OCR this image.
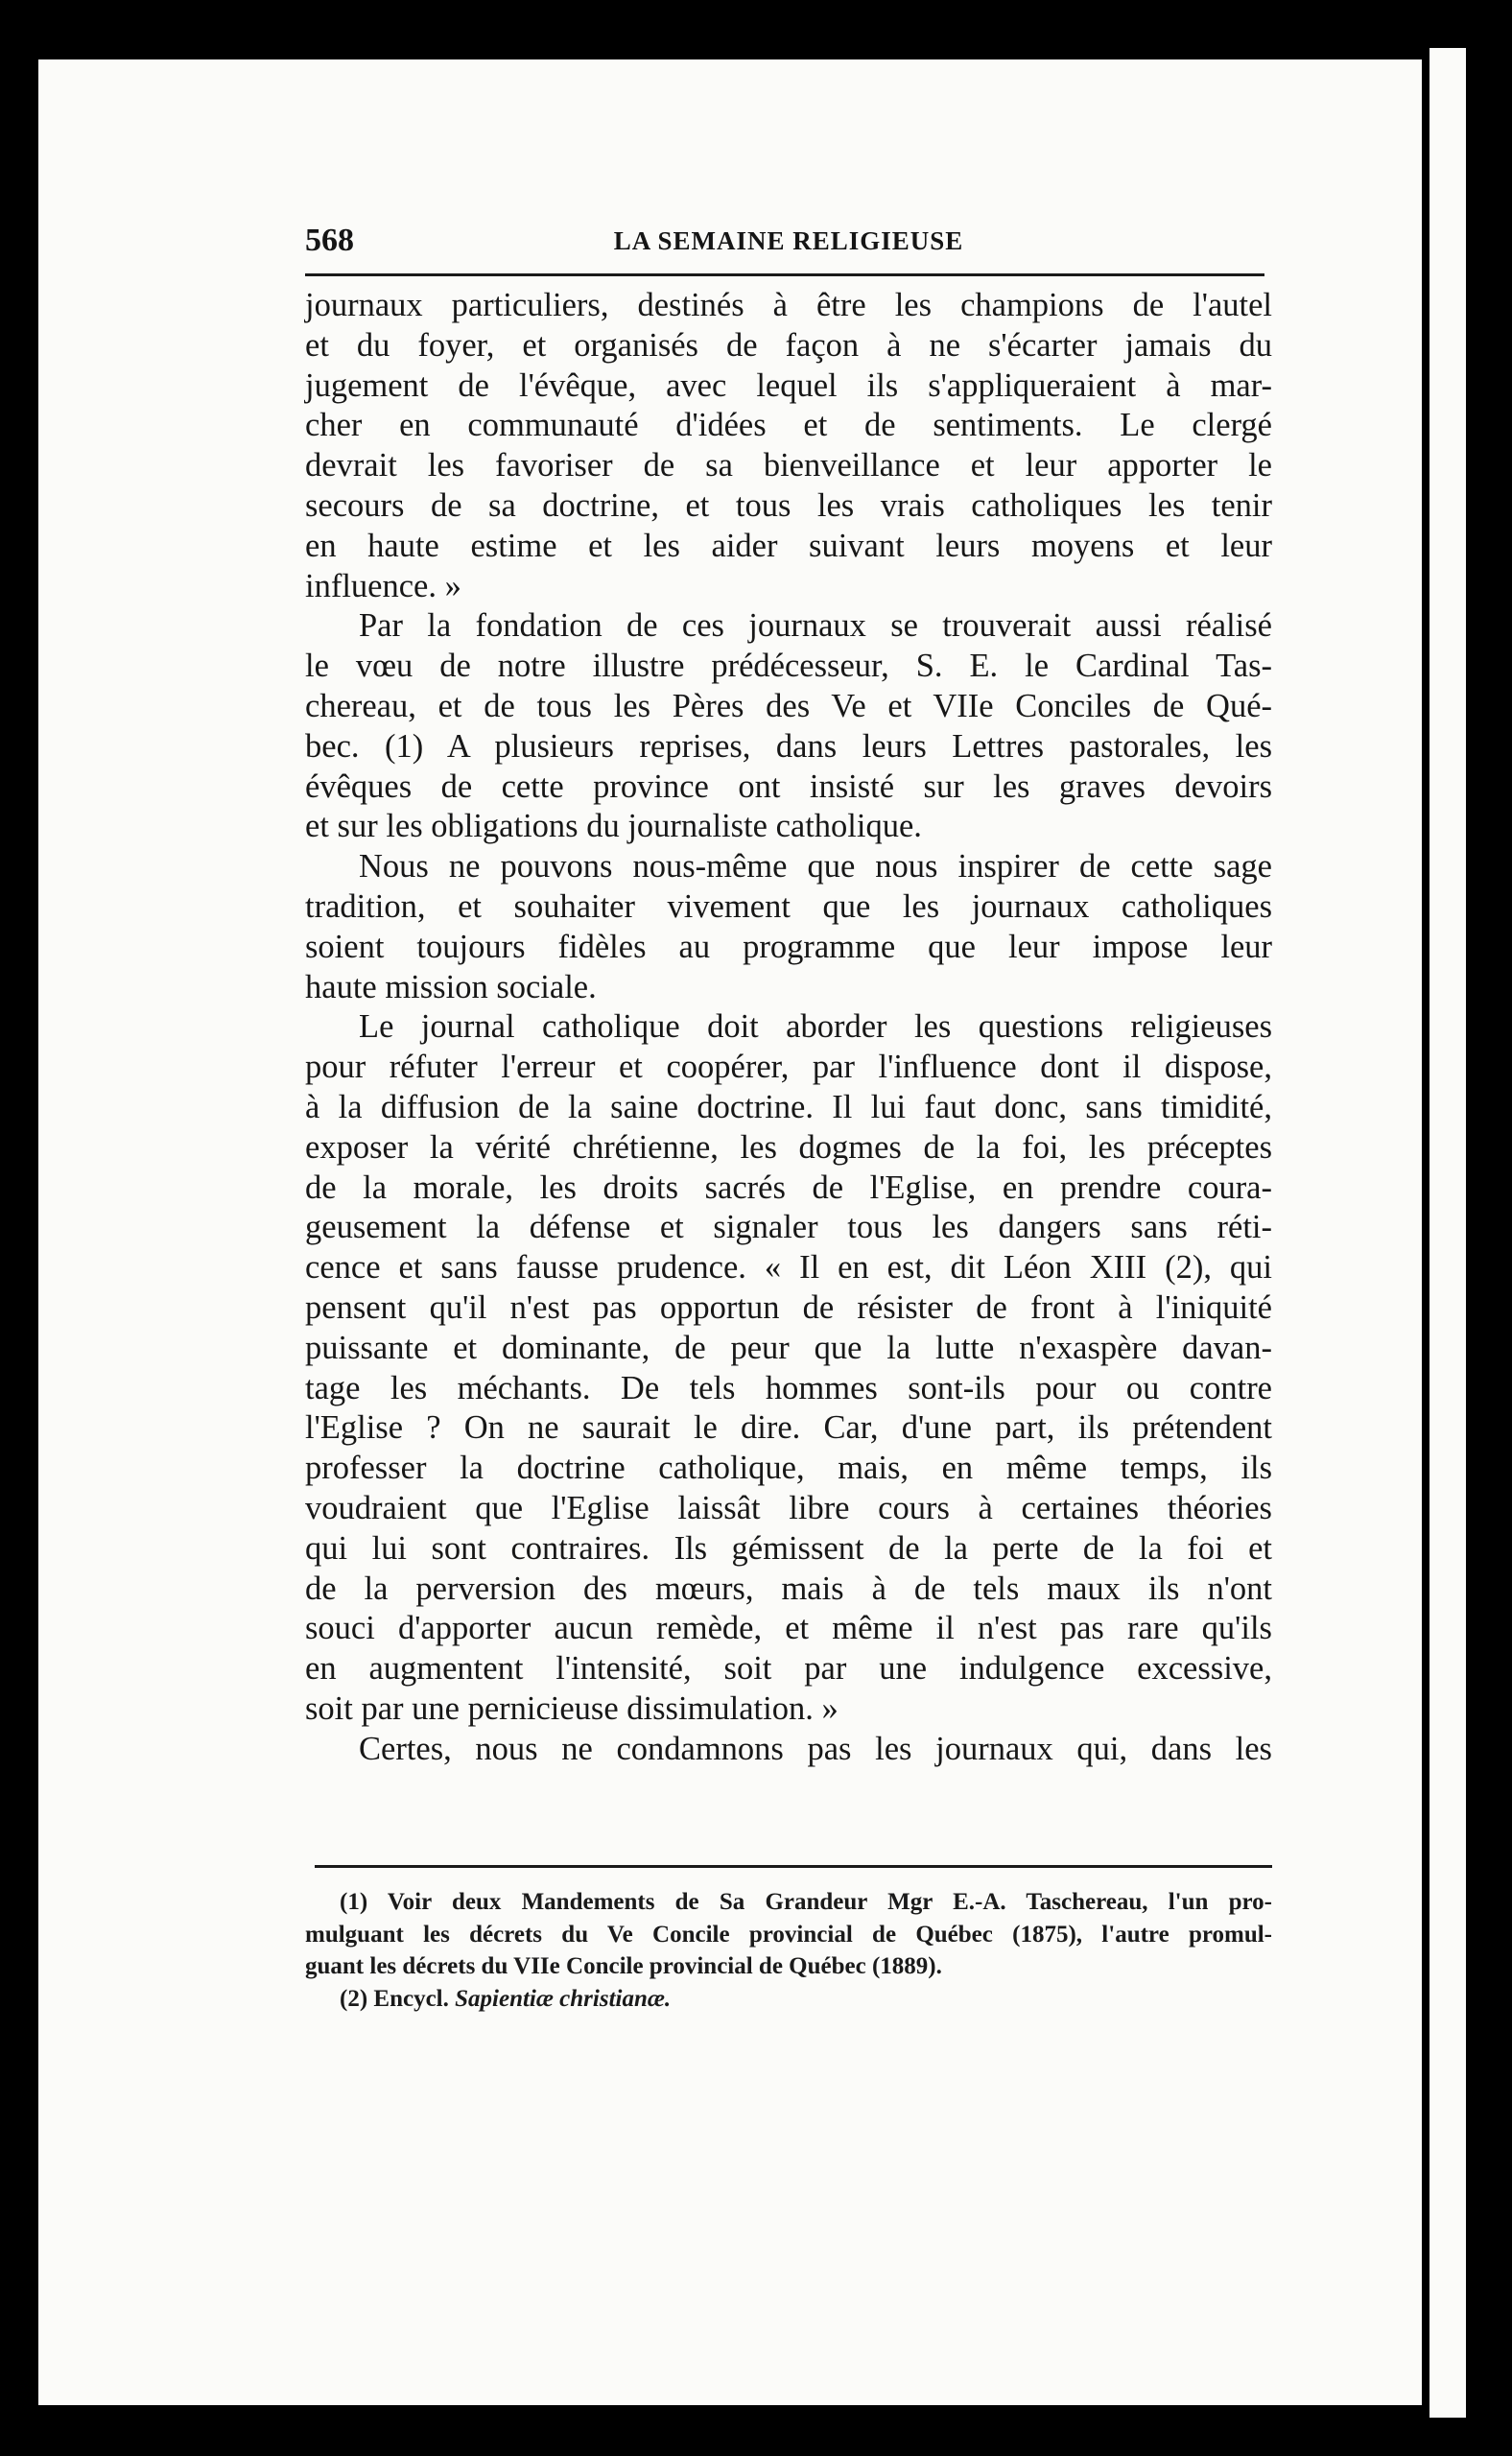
568	LA SEMAINE RELIGIEUSE
journaux particuliers, destinés à être les champions de l'autel
et du foyer, et organisés de façon à ne s'écarter jamais du
jugement de l'évêque, avec lequel ils s'appliqueraient à mar-
cher en communauté d'idées et de sentiments. Le clergé
devrait les favoriser de sa bienveillance et leur apporter le
secours de sa doctrine, et tous les vrais catholiques les tenir
en haute estime et les aider suivant leurs moyens et leur
influence. »
Par la fondation de ces journaux se trouverait aussi réalisé
le vœu de notre illustre prédécesseur, S. E. le Cardinal Tas-
chereau, et de tous les Pères des Ve et VIIe Conciles de Qué-
bec. (1) A plusieurs reprises, dans leurs Lettres pastorales, les
évêques de cette province ont insisté sur les graves devoirs
et sur les obligations du journaliste catholique.
Nous ne pouvons nous-même que nous inspirer de cette sage
tradition, et souhaiter vivement que les journaux catholiques
soient toujours fidèles au programme que leur impose leur
haute mission sociale.
Le journal catholique doit aborder les questions religieuses
pour réfuter l'erreur et coopérer, par l'influence dont il dispose,
à la diffusion de la saine doctrine. Il lui faut donc, sans timidité,
exposer la vérité chrétienne, les dogmes de la foi, les préceptes
de la morale, les droits sacrés de l'Eglise, en prendre coura-
geusement la défense et signaler tous les dangers sans réti-
cence et sans fausse prudence. « Il en est, dit Léon XIII (2), qui
pensent qu'il n'est pas opportun de résister de front à l'iniquité
puissante et dominante, de peur que la lutte n'exaspère davan-
tage les méchants. De tels hommes sont-ils pour ou contre
l'Eglise ? On ne saurait le dire. Car, d'une part, ils prétendent
professer la doctrine catholique, mais, en même temps, ils
voudraient que l'Eglise laissât libre cours à certaines théories
qui lui sont contraires. Ils gémissent de la perte de la foi et
de la perversion des mœurs, mais à de tels maux ils n'ont
souci d'apporter aucun remède, et même il n'est pas rare qu'ils
en augmentent l'intensité, soit par une indulgence excessive,
soit par une pernicieuse dissimulation. »
Certes, nous ne condamnons pas les journaux qui, dans les
(1) Voir deux Mandements de Sa Grandeur Mgr E.-A. Taschereau, l'un pro-
mulguant les décrets du Ve Concile provincial de Québec (1875), l'autre promul-
guant les décrets du VIIe Concile provincial de Québec (1889).
(2) Encycl. Sapientiæ christianæ.
